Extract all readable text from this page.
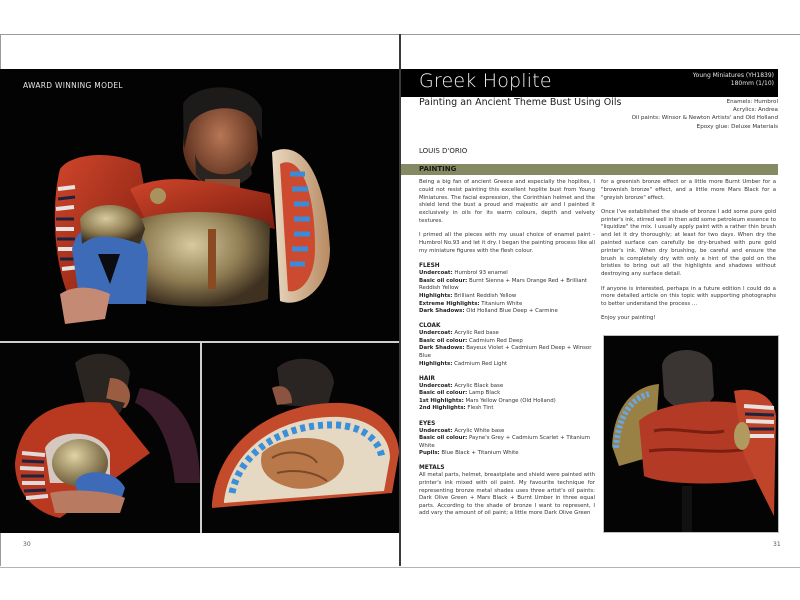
AWARD WINNING MODEL
30
Greek Hoplite	Young Miniatures (YH1839)
180mm (1/10)
Painting an Ancient Theme Bust Using Oils	Enamels: Humbrol
Acrylics: Andrea
Oil paints: Winsor & Newton Artists' and Old Holland
Epoxy glue: Deluxe Materials
LOUIS D'ORIO
PAINTING

Being a big fan of ancient Greece and especially the hoplites, I could not resist painting this excellent hoplite bust from Young Miniatures. The facial expression, the Corinthian helmet and the shield lend the bust a proud and majestic air and I painted it exclusively in oils for its warm colours, depth and velvety textures.

I primed all the pieces with my usual choice of enamel paint - Humbrol No.93 and let it dry. I began the painting process like all my miniature figures with the flesh colour.

FLESH
Undercoat: Humbrol 93 enamel
Basic oil colour: Burnt Sienna + Mars Orange Red + Brilliant Reddish Yellow
Highlights: Brilliant Reddish Yellow
Extreme Highlights: Titanium White
Dark Shadows: Old Holland Blue Deep + Carmine
CLOAK
Undercoat: Acrylic Red base
Basic oil colour: Cadmium Red Deep
Dark Shadows: Bayeux Violet + Cadmium Red Deep + Winsor Blue
Highlights: Cadmium Red Light
HAIR
Undercoat: Acrylic Black base
Basic oil colour: Lamp Black
1st Highlights: Mars Yellow Orange (Old Holland)
2nd Highlights: Flesh Tint
EYES
Undercoat: Acrylic White base
Basic oil colour: Payne's Grey + Cadmium Scarlet + Titanium White
Pupils: Blue Black + Titanium White
METALS
All metal parts, helmet, breastplate and shield were painted with printer's ink mixed with oil paint. My favourite technique for representing bronze metal shades uses three artist's oil paints: Dark Olive Green + Mars Black + Burnt Umber in three equal parts. According to the shade of bronze I want to represent, I add vary the amount of oil paint; a little more Dark Olive Green

for a greenish bronze effect or a little more Burnt Umber for a "brownish bronze" effect, and a little more Mars Black for a "greyish bronze" effect.

Once I've established the shade of bronze I add some pure gold printer's ink, stirred well in then add some petroleum essence to "liquidize" the mix. I usually apply paint with a rather thin brush and let it dry thoroughly; at least for two days. When dry the painted surface can carefully be dry-brushed with pure gold printer's ink. When dry brushing, be careful and ensure the brush is completely dry with only a hint of the gold on the bristles to bring out all the highlights and shadows without destroying any surface detail.

If anyone is interested, perhaps in a future edition I could do a more detailed article on this topic with supporting photographs to better understand the process ...

Enjoy your painting!

31
